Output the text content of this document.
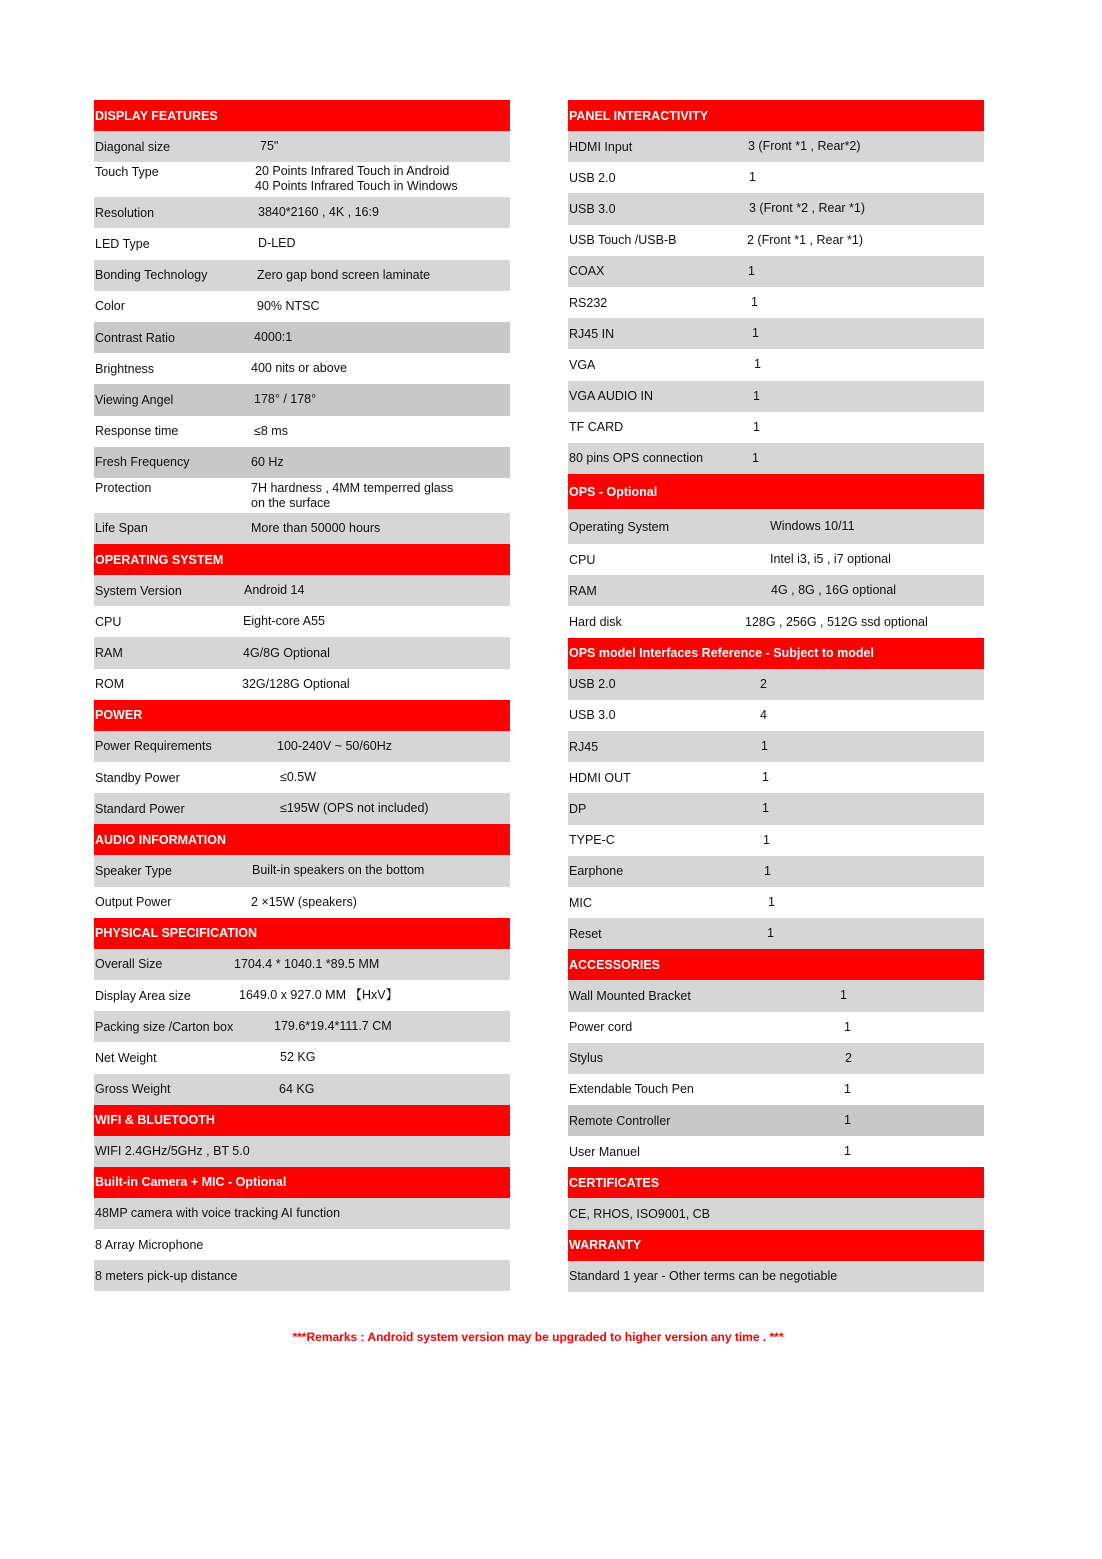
DISPLAY FEATURES
Diagonal size	75"
Touch Type	20 Points Infrared Touch in Android
40 Points Infrared Touch in Windows
Resolution	3840*2160 , 4K , 16:9
LED Type	D-LED
Bonding Technology	Zero gap bond screen laminate
Color	90% NTSC
Contrast Ratio	4000:1
Brightness	400 nits or above
Viewing Angel	178° / 178°
Response time	≤8 ms
Fresh Frequency	60 Hz
Protection	7H hardness , 4MM temperred glass
on the surface
Life Span	More than 50000 hours
OPERATING SYSTEM
System Version	Android 14
CPU	Eight-core A55
RAM	4G/8G Optional
ROM	32G/128G Optional
POWER
Power Requirements	100-240V ~ 50/60Hz
Standby Power	≤0.5W
Standard Power	≤195W (OPS not included)
AUDIO INFORMATION
Speaker Type	Built-in speakers on the bottom
Output Power	2 ×15W (speakers)
PHYSICAL SPECIFICATION
Overall Size	1704.4 * 1040.1 *89.5 MM
Display Area size	1649.0 x 927.0 MM 【HxV】
Packing size /Carton box	179.6*19.4*111.7 CM
Net Weight	52 KG
Gross Weight	64 KG
WIFI & BLUETOOTH
WIFI 2.4GHz/5GHz , BT 5.0
Built-in Camera + MIC - Optional
48MP camera with voice tracking AI function
8 Array Microphone
8 meters pick-up distance
PANEL INTERACTIVITY
HDMI Input	3 (Front *1 , Rear*2)
USB 2.0	1
USB 3.0	3 (Front *2 , Rear *1)
USB Touch /USB-B	2 (Front *1 , Rear *1)
COAX	1
RS232	1
RJ45 IN	1
VGA	1
VGA AUDIO IN	1
TF CARD	1
80 pins OPS connection	1
OPS - Optional
Operating System	Windows 10/11
CPU	Intel i3, i5 , i7 optional
RAM	4G , 8G , 16G optional
Hard disk	128G , 256G , 512G ssd optional
OPS model Interfaces Reference - Subject to model
USB 2.0	2
USB 3.0	4
RJ45	1
HDMI OUT	1
DP	1
TYPE-C	1
Earphone	1
MIC	1
Reset	1
ACCESSORIES
Wall Mounted Bracket	1
Power cord	1
Stylus	2
Extendable Touch Pen	1
Remote Controller	1
User Manuel	1
CERTIFICATES
CE, RHOS, ISO9001, CB
WARRANTY
Standard 1 year - Other terms can be negotiable
***Remarks : Android system version may be upgraded to higher version any time . ***
